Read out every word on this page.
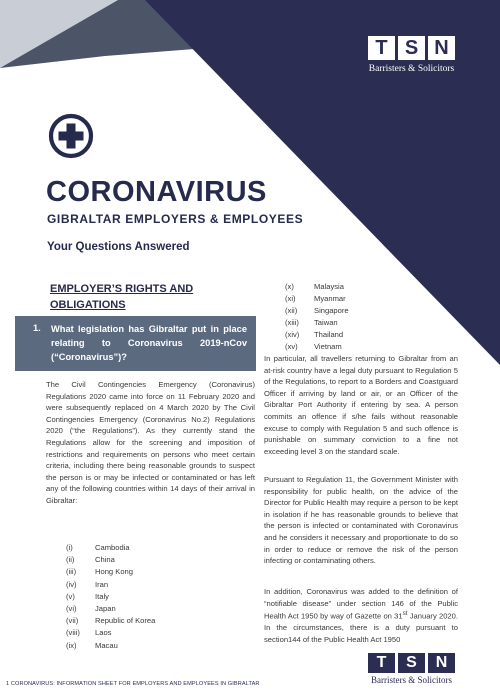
T S N
Barristers & Solicitors
CORONAVIRUS
GIBRALTAR EMPLOYERS & EMPLOYEES
Your Questions Answered
EMPLOYER’S RIGHTS AND OBLIGATIONS
1. What legislation has Gibraltar put in place relating to Coronavirus 2019-nCov (“Coronavirus”)?

The Civil Contingencies Emergency (Coronavirus) Regulations 2020 came into force on 11 February 2020 and were subsequently replaced on 4 March 2020 by The Civil Contingencies Emergency (Coronavirus No.2) Regulations 2020 (“the Regulations”). As they currently stand the Regulations allow for the screening and imposition of restrictions and requirements on persons who meet certain criteria, including there being reasonable grounds to suspect the person is or may be infected or contaminated or has left any of the following countries within 14 days of their arrival in Gibraltar:

(i)	Cambodia
(ii)	China
(iii)	Hong Kong
(iv)	Iran
(v)	Italy
(vi)	Japan
(vii)	Republic of Korea
(viii)	Laos
(ix)	Macau
(x)	Malaysia
(xi)	Myanmar
(xii)	Singapore
(xiii)	Taiwan
(xiv)	Thailand
(xv)	Vietnam

In particular, all travellers returning to Gibraltar from an at-risk country have a legal duty pursuant to Regulation 5 of the Regulations, to report to a Borders and Coastguard Officer if arriving by land or air, or an Officer of the Gibraltar Port Authority if entering by sea. A person commits an offence if s/he fails without reasonable excuse to comply with Regulation 5 and such offence is punishable on summary conviction to a fine not exceeding level 3 on the standard scale.

Pursuant to Regulation 11, the Government Minister with responsibility for public health, on the advice of the Director for Public Health may require a person to be kept in isolation if he has reasonable grounds to believe that the person is infected or contaminated with Coronavirus and he considers it necessary and proportionate to do so in order to reduce or remove the risk of the person infecting or contaminating others.

In addition, Coronavirus was added to the definition of “notifiable disease” under section 146 of the Public Health Act 1950 by way of Gazette on 31st January 2020. In the circumstances, there is a duty pursuant to section144 of the Public Health Act 1950

T	S	N
Barristers & Solicitors

1 CORONAVIRUS: INFORMATION SHEET FOR EMPLOYERS AND EMPLOYEES IN GIBRALTAR
